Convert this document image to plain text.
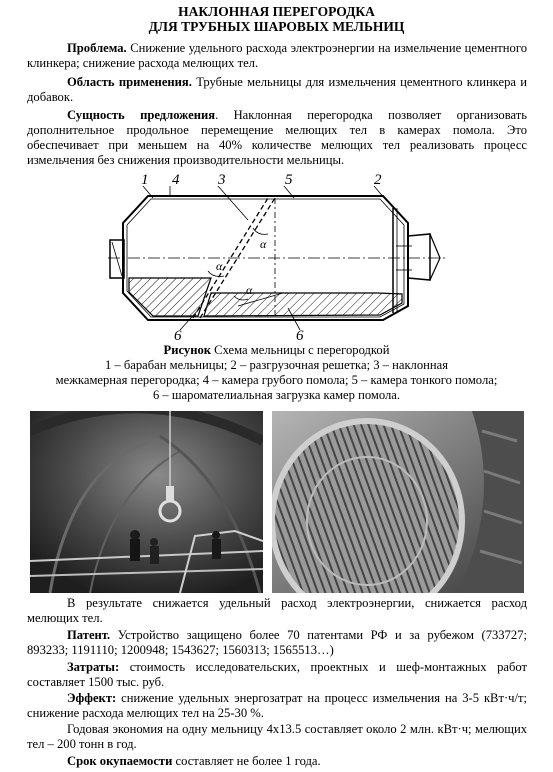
НАКЛОННАЯ ПЕРЕГОРОДКА
ДЛЯ ТРУБНЫХ ШАРОВЫХ МЕЛЬНИЦ
Проблема. Снижение удельного расхода электроэнергии на измельчение цементного клинкера; снижение расхода мелющих тел.
Область применения. Трубные мельницы для измельчения цементного клинкера и добавок.
Сущность предложения. Наклонная перегородка позволяет организовать дополнительное продольное перемещение мелющих тел в камерах помола. Это обеспечивает при меньшем на 40% количестве мелющих тел реализовать процесс измельчения без снижения производительности мельницы.
α
α
α
1 4	3	5	2
6	6
Рисунок Схема мельницы с перегородкой
1 – барабан мельницы; 2 – разгрузочная решетка; 3 – наклонная
межкамерная перегородка; 4 – камера грубого помола; 5 – камера тонкого помола;
6 – шаромателиальная загрузка камер помола.
В результате снижается удельный расход электроэнергии, снижается расход мелющих тел.
Патент. Устройство защищено более 70 патентами РФ и за рубежом (733727; 893233; 1191110; 1200948; 1543627; 1560313; 1565513…)
Затраты: стоимость исследовательских, проектных и шеф-монтажных работ составляет 1500 тыс. руб.
Эффект: снижение удельных энергозатрат на процесс измельчения на 3-5 кВт·ч/т; снижение расхода мелющих тел на 25-30 %.
Годовая экономия на одну мельницу 4х13.5 составляет около 2 млн. кВт·ч; мелющих тел – 200 тонн в год.
Срок окупаемости составляет не более 1 года.
